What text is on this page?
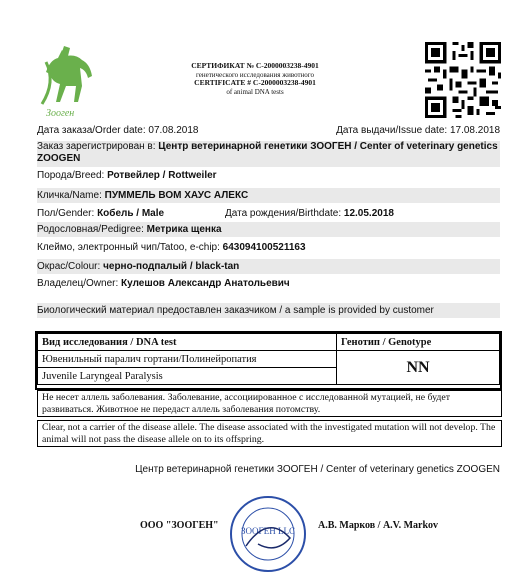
Зооген
СЕРТИФИКАТ № C-2000003238-4901
генетического исследования животного
CERTIFICATE # C-2000003238-4901
of animal DNA tests
Дата заказа/Order date: 07.08.2018	Дата выдачи/Issue date: 17.08.2018
Заказ зарегистрирован в: Центр ветеринарной генетики ЗООГЕН / Center of veterinary genetics ZOOGEN
Порода/Breed: Ротвейлер / Rottweiler
Кличка/Name: ПУММЕЛЬ ВОМ ХАУС АЛЕКС
Пол/Gender: Кобель / Male	Дата рождения/Birthdate: 12.05.2018
Родословная/Pedigree: Метрика щенка
Клеймо, электронный чип/Tatoo, e-chip: 643094100521163
Окрас/Colour: черно-подпалый / black-tan
Владелец/Owner: Кулешов Александр Анатольевич
Биологический материал предоставлен заказчиком / a sample is provided by customer
Вид исследования / DNA test	Генотип / Genotype
Ювенильный паралич гортани/Полинейропатия	NN
Juvenile Laryngeal Paralysis	
Не несет аллель заболевания. Заболевание, ассоциированное с исследованной мутацией, не будет развиваться. Животное не передаст аллель заболевания потомству.
Clear, not a carrier of the disease allele. The disease associated with the investigated mutation will not develop. The animal will not pass the disease allele on to its offspring.
Центр ветеринарной генетики ЗООГЕН / Center of veterinary genetics ZOOGEN
ООО "ЗООГЕН" ЗООГЕН LLC А.В. Марков / A.V. Markov
